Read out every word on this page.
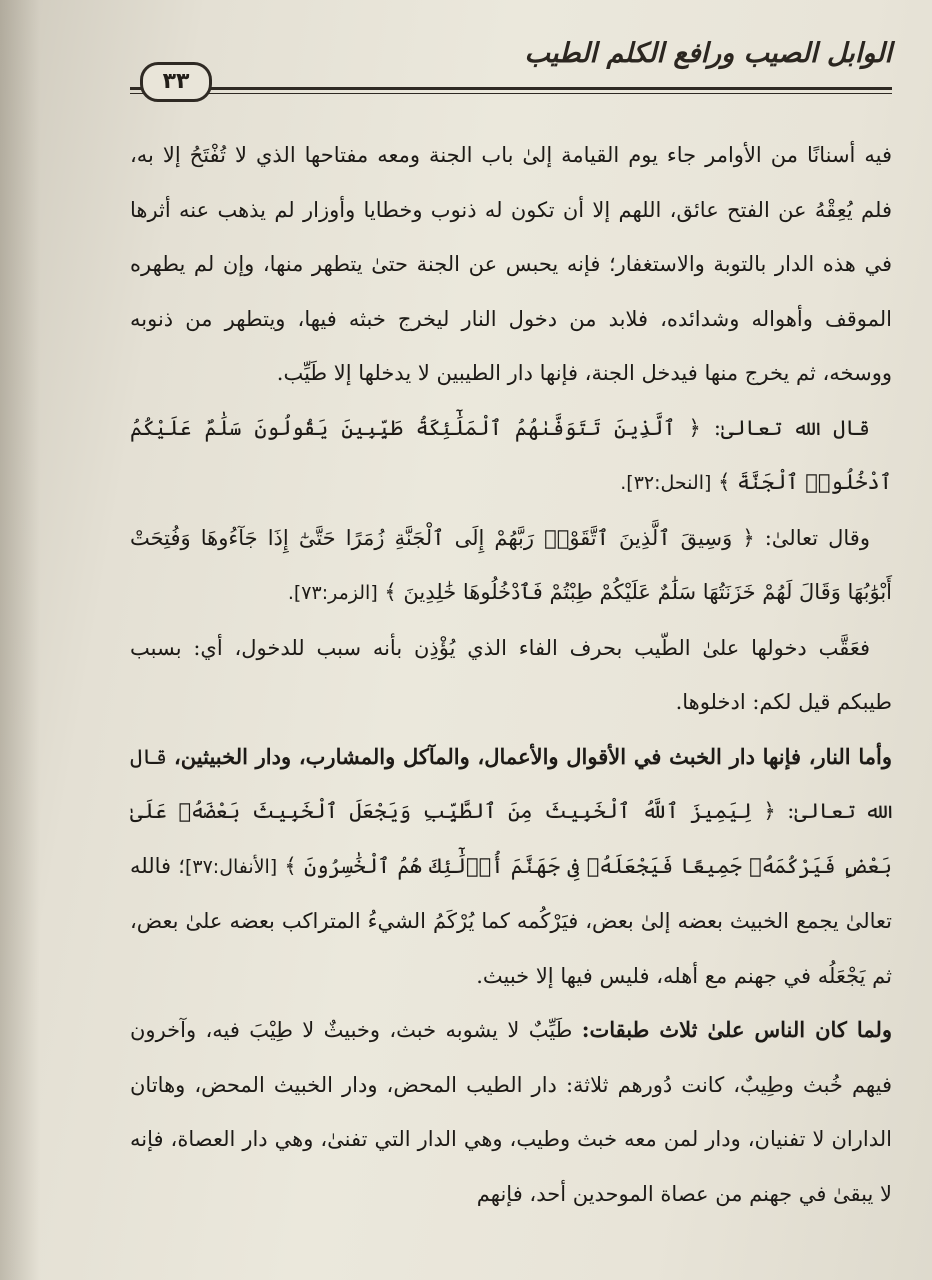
الوابل الصيب ورافع الكلم الطيب
٣٣

فيه أسنانًا من الأوامر جاء يوم القيامة إلىٰ باب الجنة ومعه مفتاحها الذي لا تُفْتَحُ إلا به، فلم يُعِقْهُ عن الفتح عائق، اللهم إلا أن تكون له ذنوب وخطايا وأوزار لم يذهب عنه أثرها في هذه الدار بالتوبة والاستغفار؛ فإنه يحبس عن الجنة حتىٰ يتطهر منها، وإن لم يطهره الموقف وأهواله وشدائده، فلابد من دخول النار ليخرج خبثه فيها، ويتطهر من ذنوبه ووسخه، ثم يخرج منها فيدخل الجنة، فإنها دار الطيبين لا يدخلها إلا طَيِّب.

قال الله تعالىٰ: ﴿ ٱلَّذِينَ تَتَوَفَّىٰهُمُ ٱلْمَلَٰٓئِكَةُ طَيِّبِينَ يَقُولُونَ سَلَٰمٌ عَلَيْكُمُ ٱدْخُلُوا۟ ٱلْجَنَّةَ ﴾ [النحل:٣٢].

وقال تعالىٰ: ﴿ وَسِيقَ ٱلَّذِينَ ٱتَّقَوْا۟ رَبَّهُمْ إِلَى ٱلْجَنَّةِ زُمَرًا حَتَّىٰٓ إِذَا جَآءُوهَا وَفُتِحَتْ أَبْوَٰبُهَا وَقَالَ لَهُمْ خَزَنَتُهَا سَلَٰمٌ عَلَيْكُمْ طِبْتُمْ فَٱدْخُلُوهَا خَٰلِدِينَ ﴾ [الزمر:٧٣].

فعَقَّب دخولها علىٰ الطّيب بحرف الفاء الذي يُؤْذِن بأنه سبب للدخول، أي: بسبب طيبكم قيل لكم: ادخلوها.

وأما النار، فإنها دار الخبث في الأقوال والأعمال، والمآكل والمشارب، ودار الخبيثين، قال الله تعالىٰ: ﴿ لِيَمِيزَ ٱللَّهُ ٱلْخَبِيثَ مِنَ ٱلطَّيِّبِ وَيَجْعَلَ ٱلْخَبِيثَ بَعْضَهُۥ عَلَىٰ بَعْضٍ فَيَرْكُمَهُۥ جَمِيعًا فَيَجْعَلَهُۥ فِى جَهَنَّمَ أُو۟لَٰٓئِكَ هُمُ ٱلْخَٰسِرُونَ ﴾ [الأنفال:٣٧]؛ فالله تعالىٰ يجمع الخبيث بعضه إلىٰ بعض، فيَرْكُمه كما يُرْكَمُ الشيءُ المتراكب بعضه علىٰ بعض، ثم يَجْعَلُه في جهنم مع أهله، فليس فيها إلا خبيث.

ولما كان الناس علىٰ ثلاث طبقات: طَيِّبٌ لا يشوبه خبث، وخبيثٌ لا طِيْبَ فيه، وآخرون فيهم خُبث وطِيبٌ، كانت دُورهم ثلاثة: دار الطيب المحض، ودار الخبيث المحض، وهاتان الداران لا تفنيان، ودار لمن معه خبث وطيب، وهي الدار التي تفنىٰ، وهي دار العصاة، فإنه لا يبقىٰ في جهنم من عصاة الموحدين أحد، فإنهم
